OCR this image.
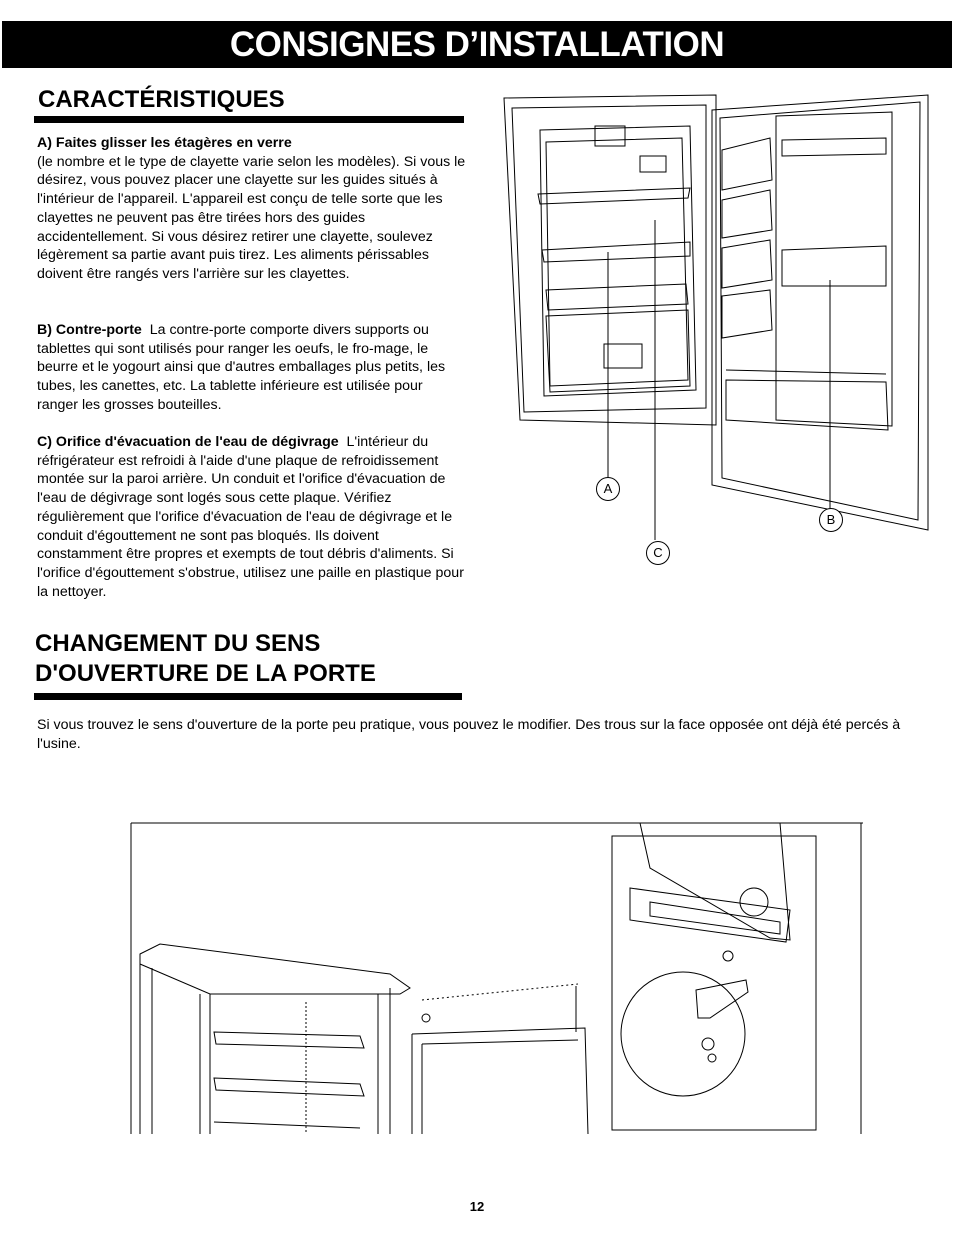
CONSIGNES D’INSTALLATION
CARACTÉRISTIQUES

A) Faites glisser les étagères en verre
(le nombre et le type de clayette varie selon les modèles). Si vous le désirez, vous pouvez placer une clayette sur les guides situés à l'intérieur de l'appareil. L'appareil est conçu de telle sorte que les clayettes ne peuvent pas être tirées hors des guides accidentellement. Si vous désirez retirer une clayette, soulevez légèrement sa partie avant puis tirez. Les aliments périssables doivent être rangés vers l'arrière sur les clayettes.

B) Contre-porte La contre-porte comporte divers supports ou tablettes qui sont utilisés pour ranger les oeufs, le fro-mage, le beurre et le yogourt ainsi que d'autres emballages plus petits, les tubes, les canettes, etc. La tablette inférieure est utilisée pour ranger les grosses bouteilles.

C) Orifice d'évacuation de l'eau de dégivrage L'intérieur du réfrigérateur est refroidi à l'aide d'une plaque de refroidissement montée sur la paroi arrière. Un conduit et l'orifice d'évacuation de l'eau de dégivrage sont logés sous cette plaque. Vérifiez régulièrement que l'orifice d'évacuation de l'eau de dégivrage et le conduit d'égouttement ne sont pas bloqués. Ils doivent constamment être propres et exempts de tout débris d'aliments. Si l'orifice d'égouttement s'obstrue, utilisez une paille en plastique pour la nettoyer.

A
B
C
CHANGEMENT DU SENS
D'OUVERTURE DE LA PORTE

Si vous trouvez le sens d'ouverture de la porte peu pratique, vous pouvez le modifier. Des trous sur la face opposée ont déjà été percés à l'usine.

12
